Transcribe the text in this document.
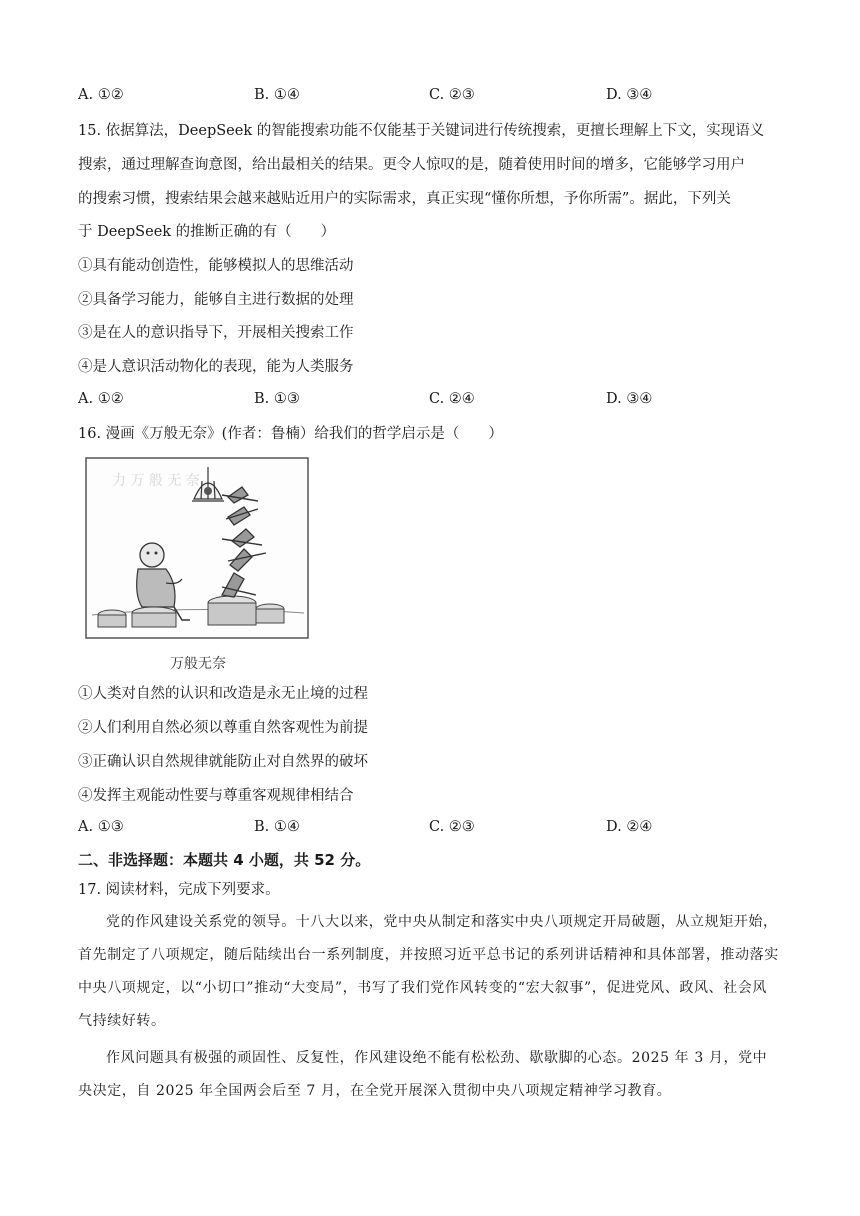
A. ①②	B. ①④	C. ②③	D. ③④
15. 依据算法，DeepSeek 的智能搜索功能不仅能基于关键词进行传统搜索，更擅长理解上下文，实现语义
搜索，通过理解查询意图，给出最相关的结果。更令人惊叹的是，随着使用时间的增多，它能够学习用户
的搜索习惯，搜索结果会越来越贴近用户的实际需求，真正实现“懂你所想，予你所需”。据此，下列关
于 DeepSeek 的推断正确的有（　　）
①具有能动创造性，能够模拟人的思维活动
②具备学习能力，能够自主进行数据的处理
③是在人的意识指导下，开展相关搜索工作
④是人意识活动物化的表现，能为人类服务
A. ①②	B. ①③	C. ②④	D. ③④
16. 漫画《万般无奈》(作者：鲁楠）给我们的哲学启示是（　　）
力 万 般 无 奈
万般无奈
①人类对自然的认识和改造是永无止境的过程
②人们利用自然必须以尊重自然客观性为前提
③正确认识自然规律就能防止对自然界的破坏
④发挥主观能动性要与尊重客观规律相结合
A. ①③	B. ①④	C. ②③	D. ②④
二、非选择题：本题共 4 小题，共 52 分。
17. 阅读材料，完成下列要求。
党的作风建设关系党的领导。十八大以来，党中央从制定和落实中央八项规定开局破题，从立规矩开始，首先制定了八项规定，随后陆续出台一系列制度，并按照习近平总书记的系列讲话精神和具体部署，推动落实中央八项规定，以“小切口”推动“大变局”，书写了我们党作风转变的“宏大叙事”，促进党风、政风、社会风气持续好转。
作风问题具有极强的顽固性、反复性，作风建设绝不能有松松劲、歇歇脚的心态。2025 年 3 月，党中央决定，自 2025 年全国两会后至 7 月，在全党开展深入贯彻中央八项规定精神学习教育。
